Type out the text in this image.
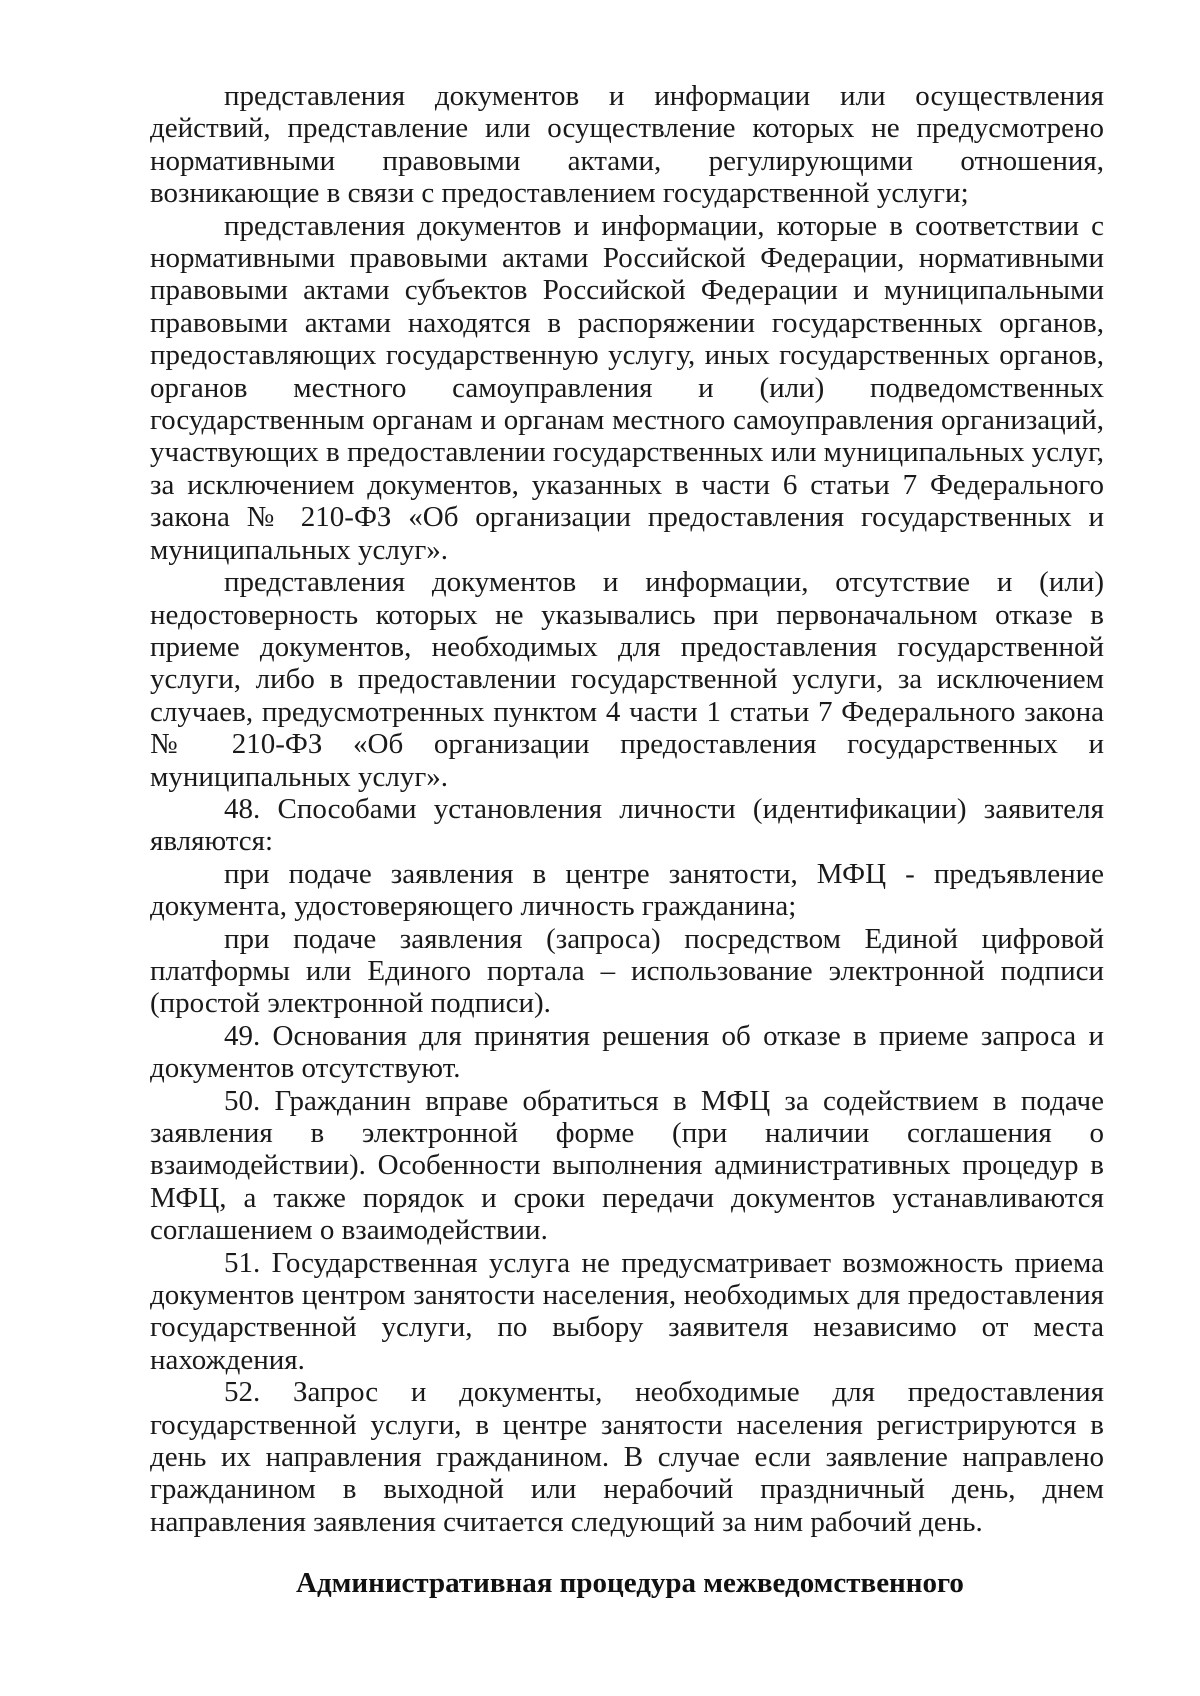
представления документов и информации или осуществления действий, представление или осуществление которых не предусмотрено нормативными правовыми актами, регулирующими отношения, возникающие в связи с предоставлением государственной услуги;

представления документов и информации, которые в соответствии с нормативными правовыми актами Российской Федерации, нормативными правовыми актами субъектов Российской Федерации и муниципальными правовыми актами находятся в распоряжении государственных органов, предоставляющих государственную услугу, иных государственных органов, органов местного самоуправления и (или) подведомственных государственным органам и органам местного самоуправления организаций, участвующих в предоставлении государственных или муниципальных услуг, за исключением документов, указанных в части 6 статьи 7 Федерального закона № 210-ФЗ «Об организации предоставления государственных и муниципальных услуг».

представления документов и информации, отсутствие и (или) недостоверность которых не указывались при первоначальном отказе в приеме документов, необходимых для предоставления государственной услуги, либо в предоставлении государственной услуги, за исключением случаев, предусмотренных пунктом 4 части 1 статьи 7 Федерального закона № 210-ФЗ «Об организации предоставления государственных и муниципальных услуг».

48. Способами установления личности (идентификации) заявителя являются:

при подаче заявления в центре занятости, МФЦ - предъявление документа, удостоверяющего личность гражданина;

при подаче заявления (запроса) посредством Единой цифровой платформы или Единого портала – использование электронной подписи (простой электронной подписи).

49. Основания для принятия решения об отказе в приеме запроса и документов отсутствуют.

50. Гражданин вправе обратиться в МФЦ за содействием в подаче заявления в электронной форме (при наличии соглашения о взаимодействии). Особенности выполнения административных процедур в МФЦ, а также порядок и сроки передачи документов устанавливаются соглашением о взаимодействии.

51. Государственная услуга не предусматривает возможность приема документов центром занятости населения, необходимых для предоставления государственной услуги, по выбору заявителя независимо от места нахождения.

52. Запрос и документы, необходимые для предоставления государственной услуги, в центре занятости населения регистрируются в день их направления гражданином. В случае если заявление направлено гражданином в выходной или нерабочий праздничный день, днем направления заявления считается следующий за ним рабочий день.

Административная процедура межведомственного
